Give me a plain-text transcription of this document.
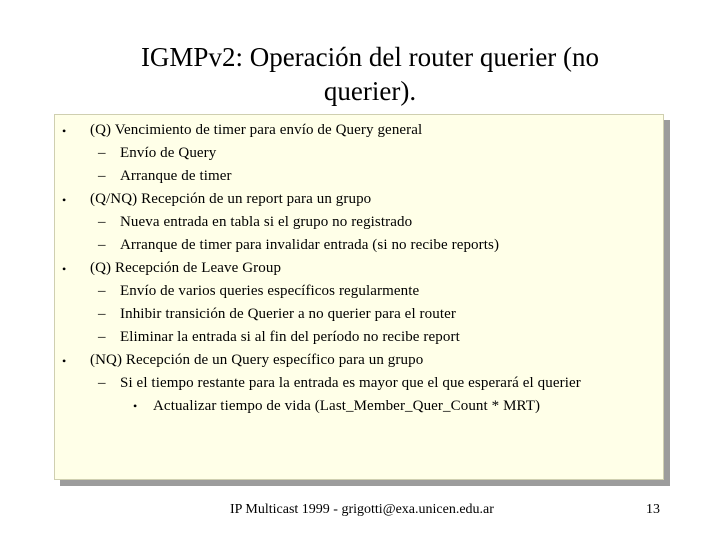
IGMPv2: Operación del router querier (no
querier).
• (Q) Vencimiento de timer para envío de Query general
– Envío de Query
– Arranque de timer
• (Q/NQ) Recepción de un report para un grupo
– Nueva entrada en tabla si el grupo no registrado
– Arranque de timer para invalidar entrada (si no recibe reports)
• (Q) Recepción de Leave Group
– Envío de varios queries específicos regularmente
– Inhibir transición de Querier a no querier para el router
– Eliminar la entrada si al fin del período no recibe report
• (NQ) Recepción de un Query específico para un grupo
– Si el tiempo restante para la entrada es mayor que el que esperará el querier
• Actualizar tiempo de vida (Last_Member_Quer_Count * MRT)
IP Multicast 1999 - grigotti@exa.unicen.edu.ar	13
